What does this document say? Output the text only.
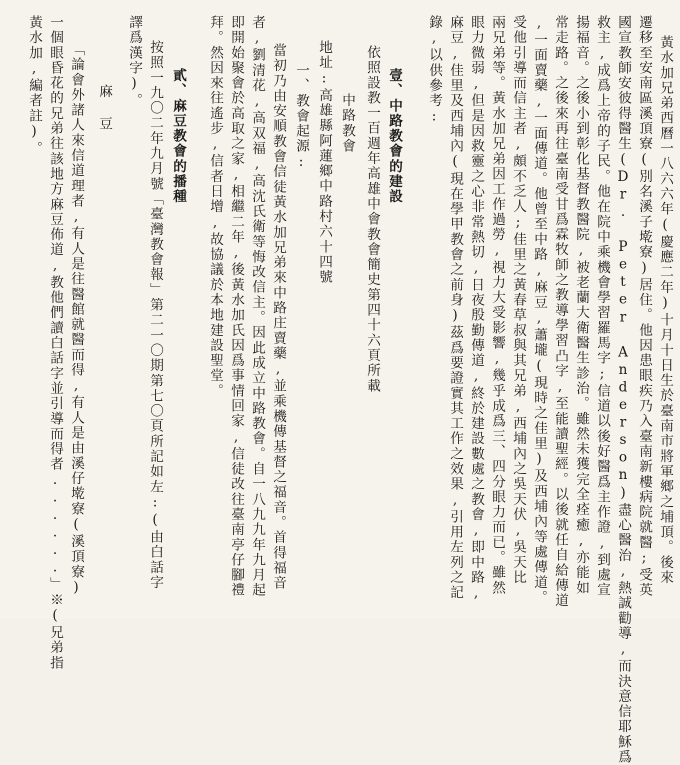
黃水加兄弟西曆一八六六年(慶應二年)十月十日生於臺南市將軍鄉之埔頂。後來
遷移至安南區溪頂寮(別名溪子墘寮)居住。他因患眼疾乃入臺南新樓病院就醫;受英
國宣教師安彼得醫生(Dr. Peter Anderson)盡心醫治,熱誠勸導,而決意信耶穌爲
救主,成爲上帝的子民。他在院中乘機會學習羅馬字;信道以後好醫爲主作證,到處宣
揚福音。之後小到彰化基督教醫院,被老蘭大衛醫生診治。雖然未獲完全痊癒,亦能如
常走路。之後來再往臺南受甘爲霖牧師之教導學習凸字,至能讀聖經。以後就任自給傳道
,一面賣藥,一面傳道。他曾至中路,麻豆,蕭壠(現時之佳里)及西埔內等處傳道。
受他引導而信主者,頗不乏人;佳里之黃春草叔與其兄弟,西埔內之吳天伏,吳天比
兩兄弟等。黃水加兄弟因工作過勞,視力大受影響,幾乎成爲三、四分眼力而已。雖然
眼力微弱,但是因救靈之心非常熱切,日夜殷勤傳道,終於建設數處之教會,即中路,
麻豆,佳里及西埔內(現在學甲教會之前身)茲爲要證實其工作之效果,引用左列之記
錄,以供參考:
壹、中路教會的建設
依照設教一百週年高雄中會教會簡史第四十六頁所載
中路教會
地址:高雄縣阿蓮鄉中路村六十四號
一、教會起源:
當初乃由安順教會信徒黃水加兄弟來中路庄賣藥,並乘機傳基督之福音。首得福音
者,劉清花,高双福,高沈氏衛等悔改信主。因此成立中路教會。自一八九九年九月起
即開始聚會於高取之家,相繼二年,後黃水加氏因爲事情回家,信徒改往臺南亭仔腳禮
拜。然因來往遙步,信者日增,故協議於本地建設聖堂。
貳、麻豆教會的播種
按照一九〇二年九月號「臺灣教會報」第二一〇期第七〇頁所記如左:(由白話字
譯爲漢字)。
麻 豆
「論會外諸人來信道理者,有人是往醫館就醫而得,有人是由溪仔墘寮(溪頂寮)
一個眼昏花的兄弟往該地方麻豆佈道,教他們讀白話字並引導而得者......」※(兄弟指
黃水加,編者註)。
